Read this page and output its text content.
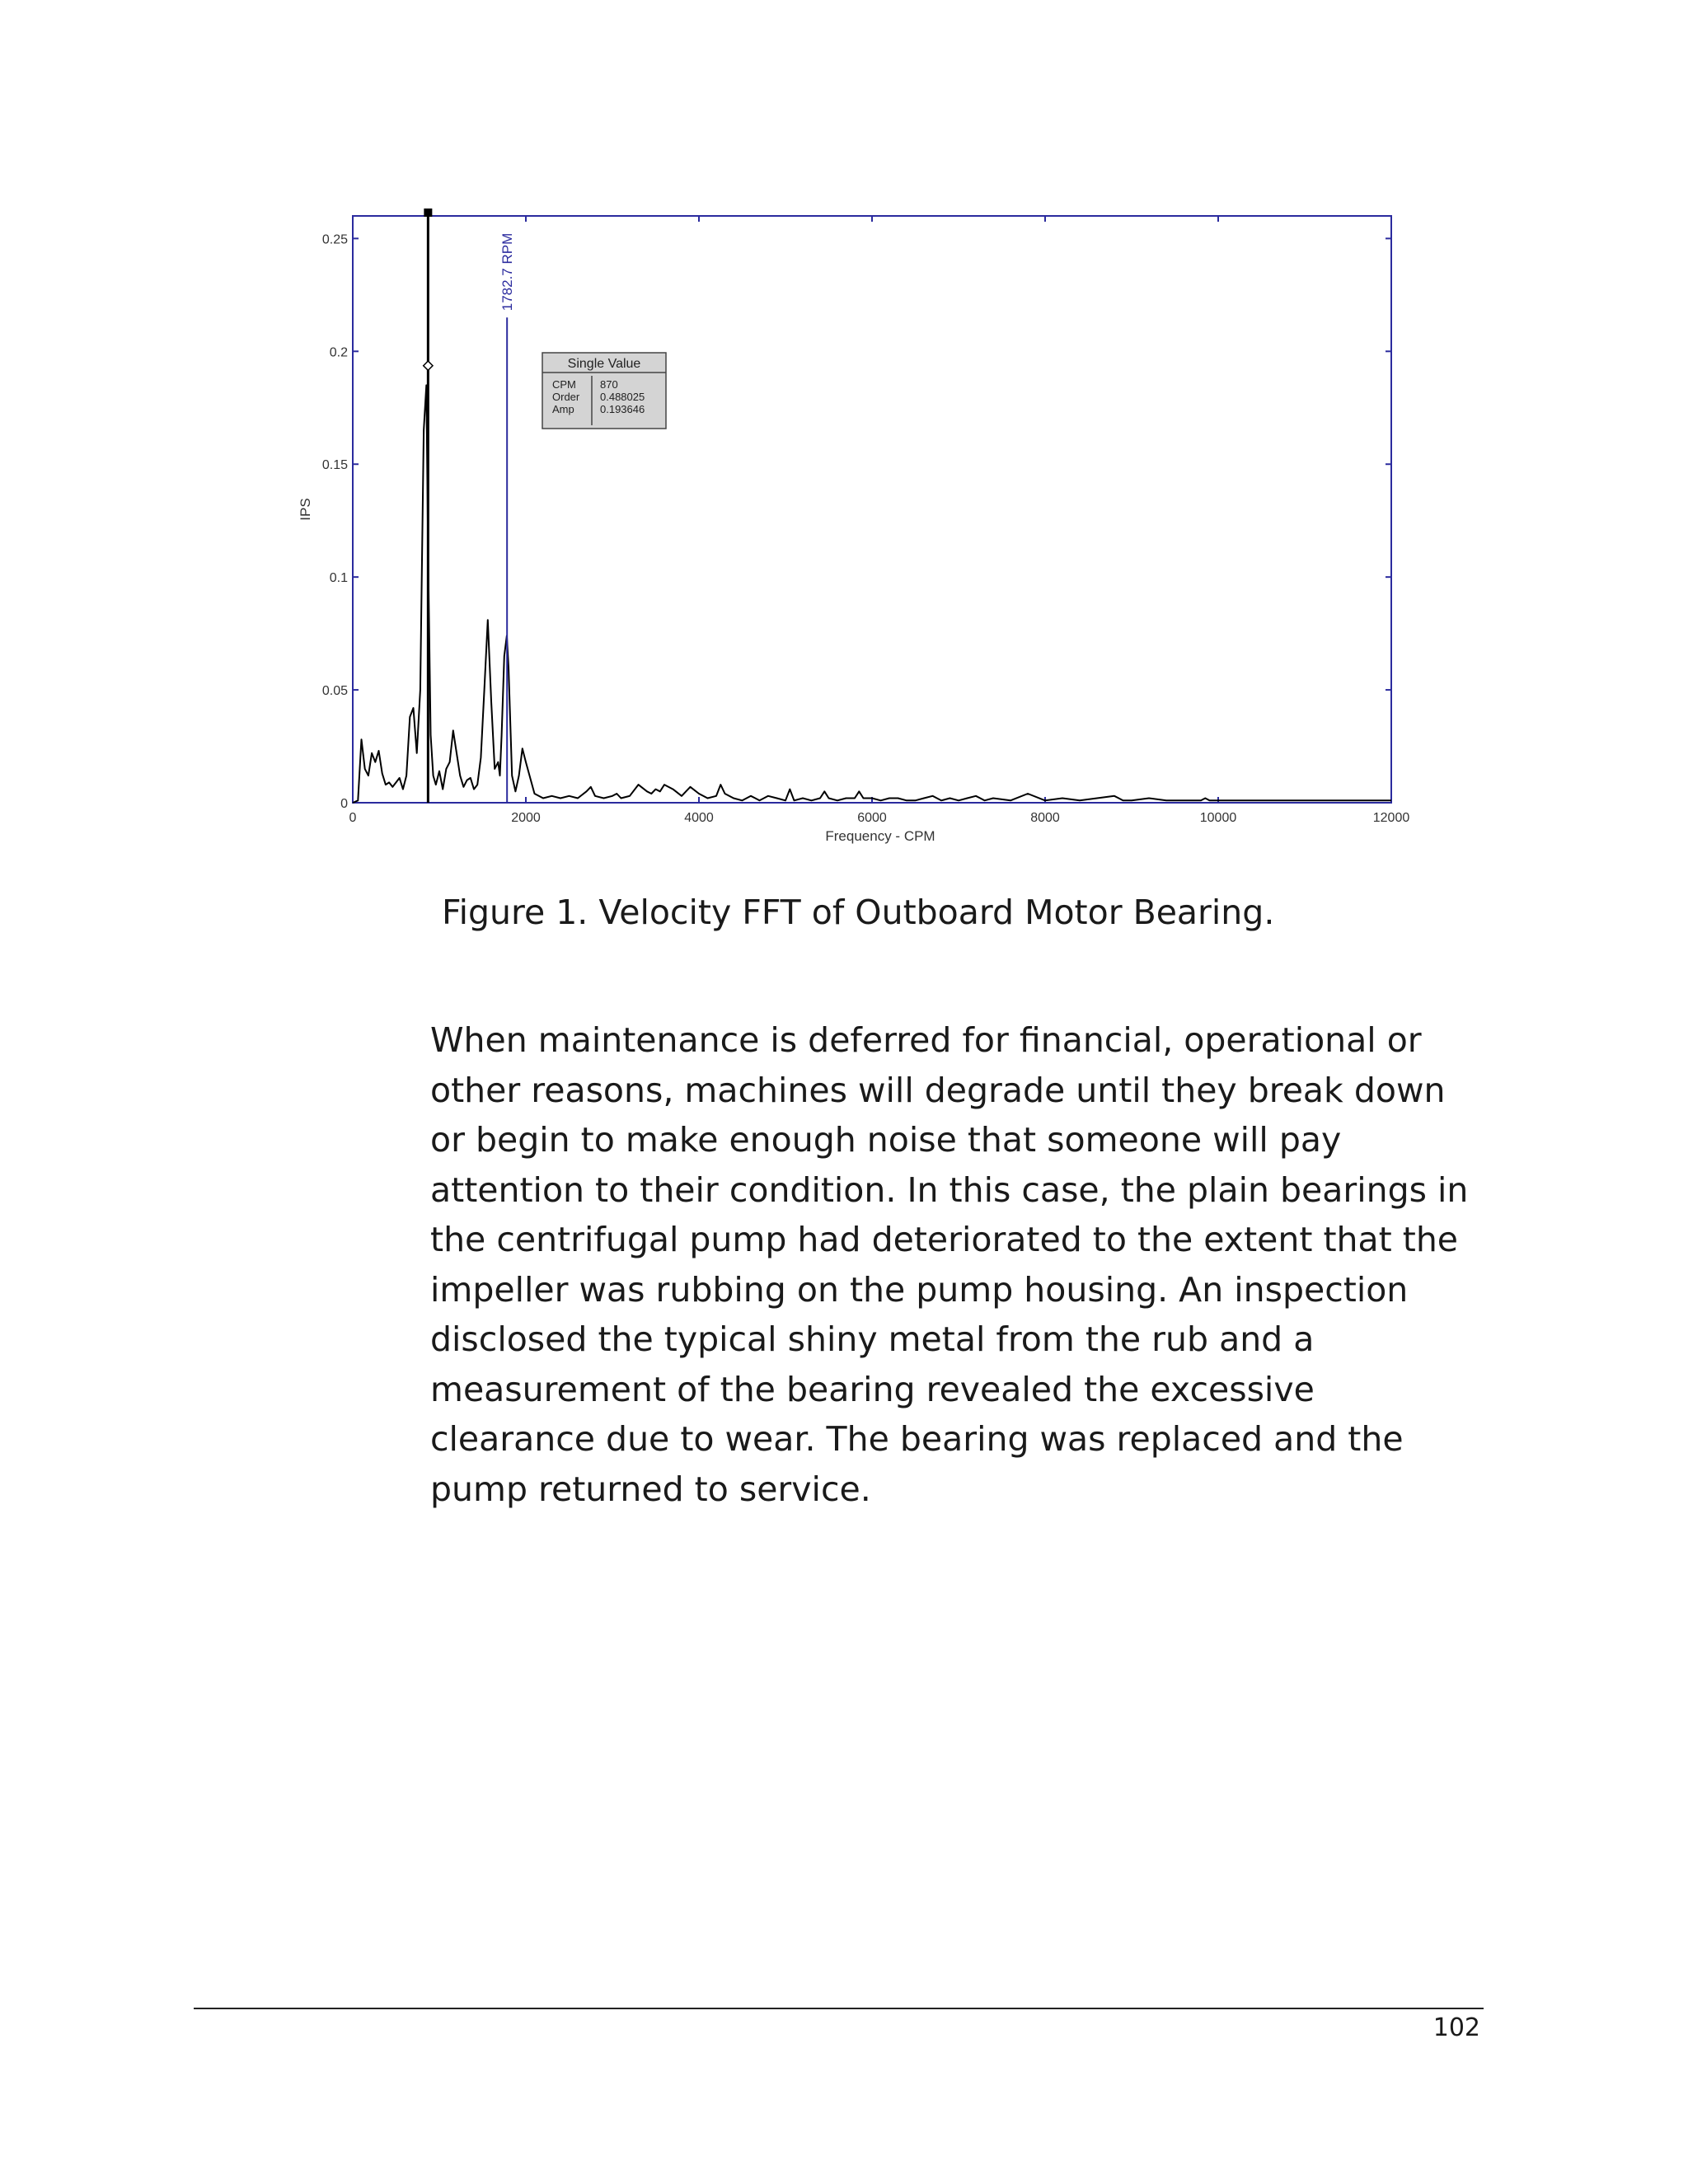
0	2000	4000	6000	8000	10000	12000
0
0.05
0.1
0.15
0.2
0.25
Frequency - CPM
IPS
1782.7 RPM
Single Value
CPM 870
Order 0.488025
Amp 0.193646
Figure 1. Velocity FFT of Outboard Motor Bearing.

When maintenance is deferred for financial, operational or other reasons, machines will degrade until they break down or begin to make enough noise that someone will pay attention to their condition. In this case, the plain bearings in the centrifugal pump had deteriorated to the extent that the impeller was rubbing on the pump housing. An inspection disclosed the typical shiny metal from the rub and a measurement of the bearing revealed the excessive clearance due to wear. The bearing was replaced and the pump returned to service.

102
